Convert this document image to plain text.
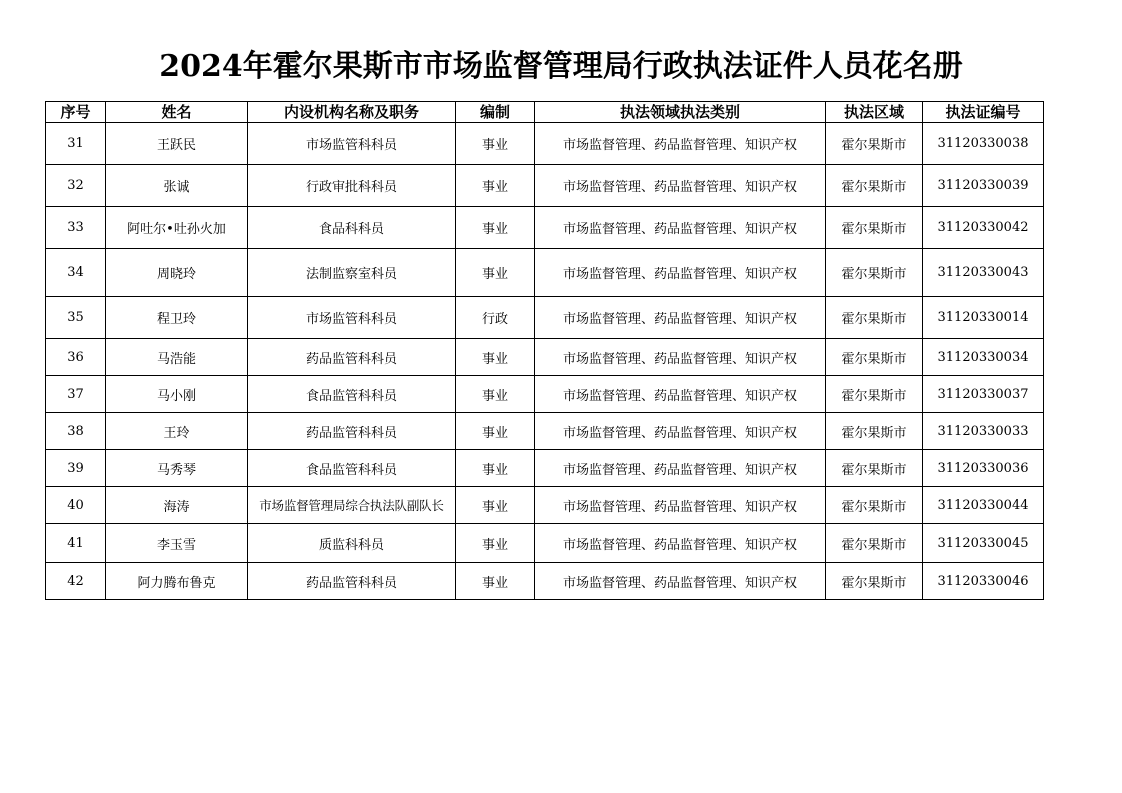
2024年霍尔果斯市市场监督管理局行政执法证件人员花名册
序号	姓名	内设机构名称及职务	编制	执法领域执法类别	执法区域	执法证编号
31	王跃民	市场监管科科员	事业	市场监督管理、药品监督管理、知识产权	霍尔果斯市	31120330038
32	张诚	行政审批科科员	事业	市场监督管理、药品监督管理、知识产权	霍尔果斯市	31120330039
33	阿吐尔•吐孙火加	食品科科员	事业	市场监督管理、药品监督管理、知识产权	霍尔果斯市	31120330042
34	周晓玲	法制监察室科员	事业	市场监督管理、药品监督管理、知识产权	霍尔果斯市	31120330043
35	程卫玲	市场监管科科员	行政	市场监督管理、药品监督管理、知识产权	霍尔果斯市	31120330014
36	马浩能	药品监管科科员	事业	市场监督管理、药品监督管理、知识产权	霍尔果斯市	31120330034
37	马小刚	食品监管科科员	事业	市场监督管理、药品监督管理、知识产权	霍尔果斯市	31120330037
38	王玲	药品监管科科员	事业	市场监督管理、药品监督管理、知识产权	霍尔果斯市	31120330033
39	马秀琴	食品监管科科员	事业	市场监督管理、药品监督管理、知识产权	霍尔果斯市	31120330036
40	海涛	市场监督管理局综合执法队副队长	事业	市场监督管理、药品监督管理、知识产权	霍尔果斯市	31120330044
41	李玉雪	质监科科员	事业	市场监督管理、药品监督管理、知识产权	霍尔果斯市	31120330045
42	阿力腾布鲁克	药品监管科科员	事业	市场监督管理、药品监督管理、知识产权	霍尔果斯市	31120330046
